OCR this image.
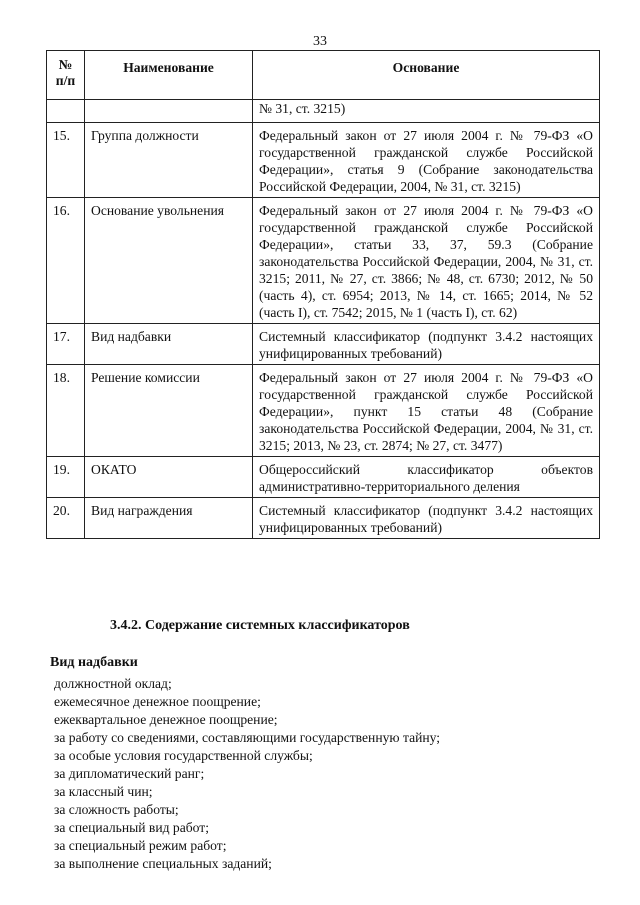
33
№ п/п	Наименование	Основание
		№ 31, ст. 3215)
15.	Группа должности	Федеральный закон от 27 июля 2004 г. № 79-ФЗ «О государственной гражданской службе Российской Федерации», статья 9 (Собрание законодательства Российской Федерации, 2004, № 31, ст. 3215)
16.	Основание увольнения	Федеральный закон от 27 июля 2004 г. № 79-ФЗ «О государственной гражданской службе Российской Федерации», статьи 33, 37, 59.3 (Собрание законодательства Российской Федерации, 2004, № 31, ст. 3215; 2011, № 27, ст. 3866; № 48, ст. 6730; 2012, № 50 (часть 4), ст. 6954; 2013, № 14, ст. 1665; 2014, № 52 (часть I), ст. 7542; 2015, № 1 (часть I), ст. 62)
17.	Вид надбавки	Системный классификатор (подпункт 3.4.2 настоящих унифицированных требований)
18.	Решение комиссии	Федеральный закон от 27 июля 2004 г. № 79-ФЗ «О государственной гражданской службе Российской Федерации», пункт 15 статьи 48 (Собрание законодательства Российской Федерации, 2004, № 31, ст. 3215; 2013, № 23, ст. 2874; № 27, ст. 3477)
19.	ОКАТО	Общероссийский классификатор объектов административно-территориального деления
20.	Вид награждения	Системный классификатор (подпункт 3.4.2 настоящих унифицированных требований)
3.4.2. Содержание системных классификаторов
Вид надбавки
должностной оклад;
ежемесячное денежное поощрение;
ежеквартальное денежное поощрение;
за работу со сведениями, составляющими государственную тайну;
за особые условия государственной службы;
за дипломатический ранг;
за классный чин;
за сложность работы;
за специальный вид работ;
за специальный режим работ;
за выполнение специальных заданий;
